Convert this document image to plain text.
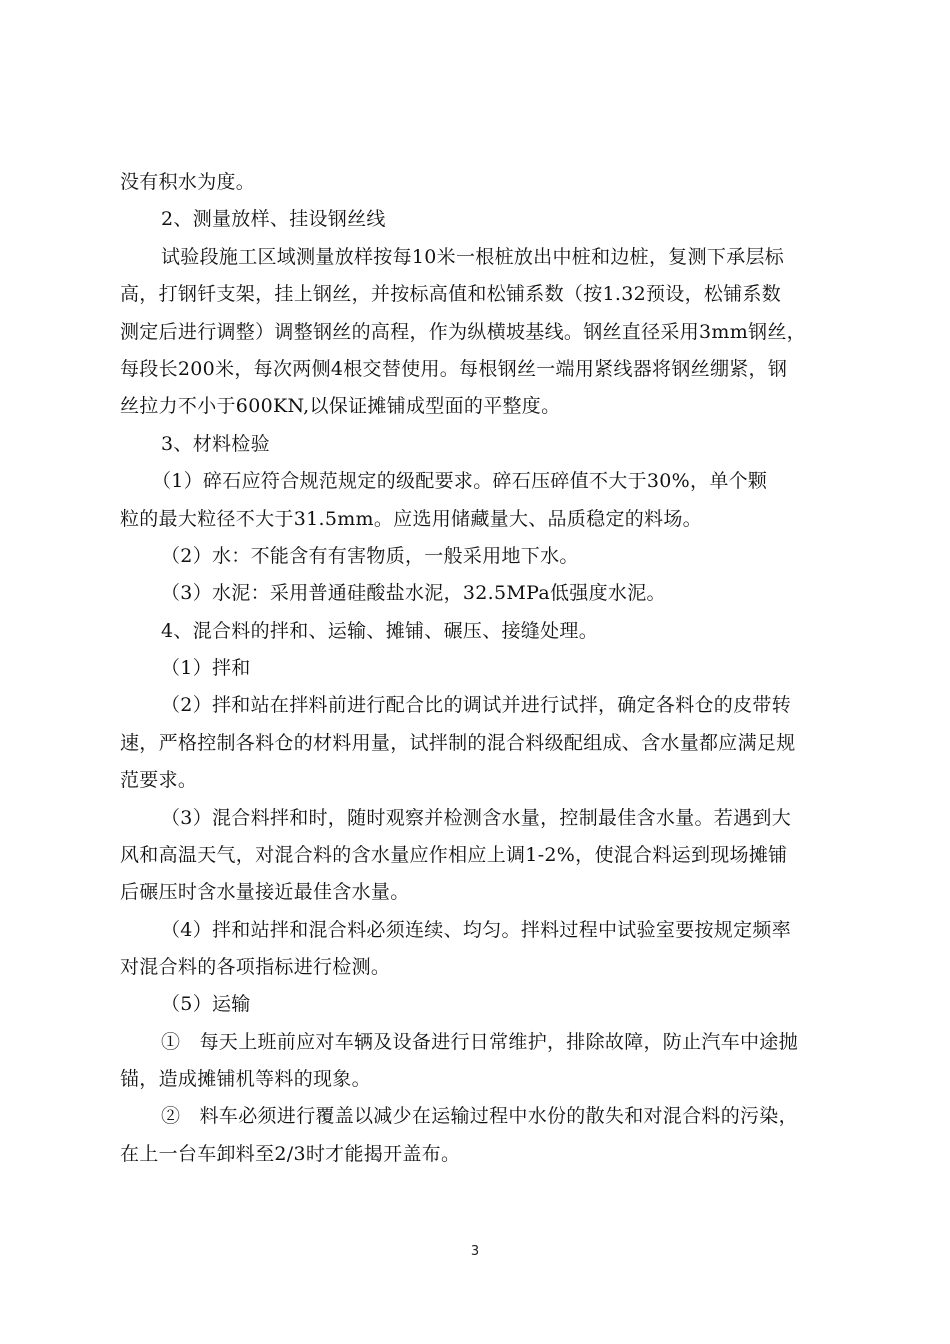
没有积水为度。
2、测量放样、挂设钢丝线
试验段施工区域测量放样按每10米一根桩放出中桩和边桩，复测下承层标
高，打钢钎支架，挂上钢丝，并按标高值和松铺系数（按1.32预设，松铺系数
测定后进行调整）调整钢丝的高程，作为纵横坡基线。钢丝直径采用3mm钢丝，
每段长200米，每次两侧4根交替使用。每根钢丝一端用紧线器将钢丝绷紧，钢
丝拉力不小于600KN,以保证摊铺成型面的平整度。
3、材料检验
（1）碎石应符合规范规定的级配要求。碎石压碎值不大于30%，单个颗
粒的最大粒径不大于31.5mm。应选用储藏量大、品质稳定的料场。
（2）水：不能含有有害物质，一般采用地下水。
（3）水泥：采用普通硅酸盐水泥，32.5MPa低强度水泥。
4、混合料的拌和、运输、摊铺、碾压、接缝处理。
（1）拌和
（2）拌和站在拌料前进行配合比的调试并进行试拌，确定各料仓的皮带转
速，严格控制各料仓的材料用量，试拌制的混合料级配组成、含水量都应满足规
范要求。
（3）混合料拌和时，随时观察并检测含水量，控制最佳含水量。若遇到大
风和高温天气，对混合料的含水量应作相应上调1-2%，使混合料运到现场摊铺
后碾压时含水量接近最佳含水量。
（4）拌和站拌和混合料必须连续、均匀。拌料过程中试验室要按规定频率
对混合料的各项指标进行检测。
（5）运输
①　每天上班前应对车辆及设备进行日常维护，排除故障，防止汽车中途抛
锚，造成摊铺机等料的现象。
②　料车必须进行覆盖以减少在运输过程中水份的散失和对混合料的污染，
在上一台车卸料至2/3时才能揭开盖布。
3
